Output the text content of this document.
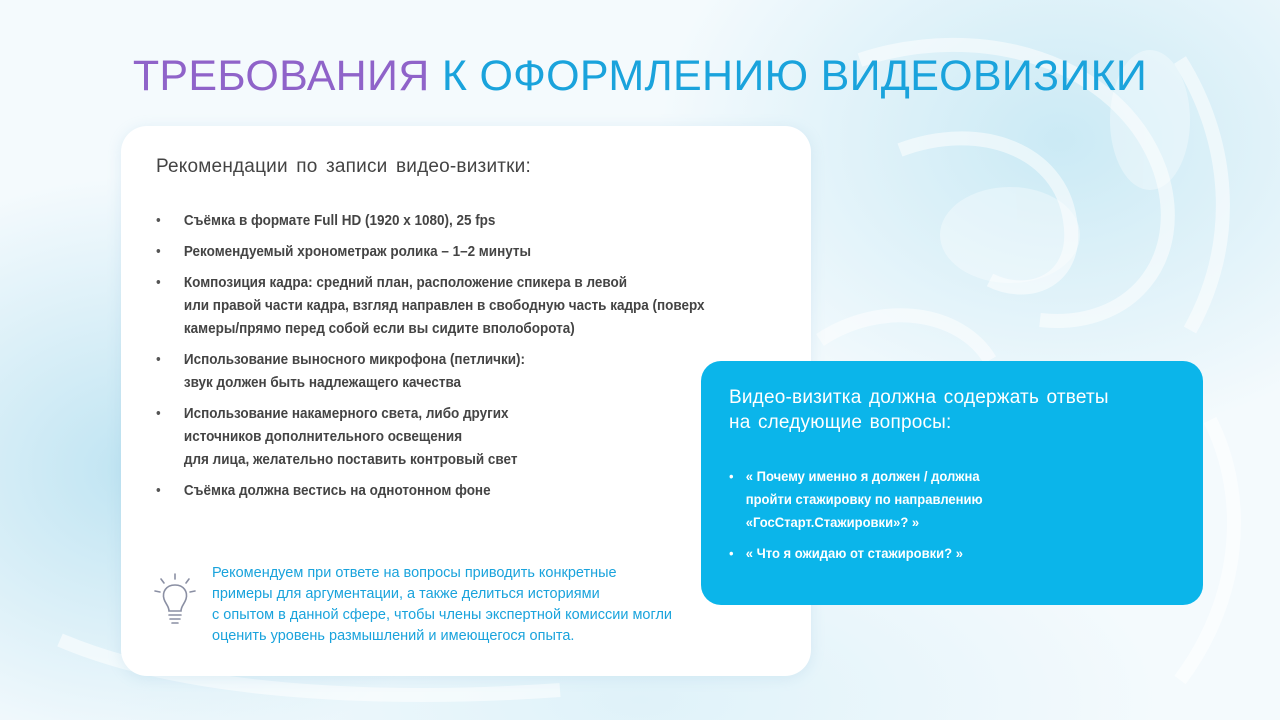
ТРЕБОВАНИЯ К ОФОРМЛЕНИЮ ВИДЕОВИЗИКИ
Рекомендации по записи видео-визитки:
• Съёмка в формате Full HD (1920 x 1080), 25 fps
• Рекомендуемый хронометраж ролика – 1–2 минуты
• Композиция кадра: средний план, расположение спикера в левой
или правой части кадра, взгляд направлен в свободную часть кадра (поверх
камеры/прямо перед собой если вы сидите вполоборота)
• Использование выносного микрофона (петлички):
звук должен быть надлежащего качества
• Использование накамерного света, либо других
источников дополнительного освещения
для лица, желательно поставить контровый свет
• Съёмка должна вестись на однотонном фоне
Рекомендуем при ответе на вопросы приводить конкретные
примеры для аргументации, а также делиться историями
с опытом в данной сфере, чтобы члены экспертной комиссии могли
оценить уровень размышлений и имеющегося опыта.
Видео-визитка должна содержать ответы
на следующие вопросы:
• « Почему именно я должен / должна
пройти стажировку по направлению
«ГосСтарт.Стажировки»? »
• « Что я ожидаю от стажировки? »
